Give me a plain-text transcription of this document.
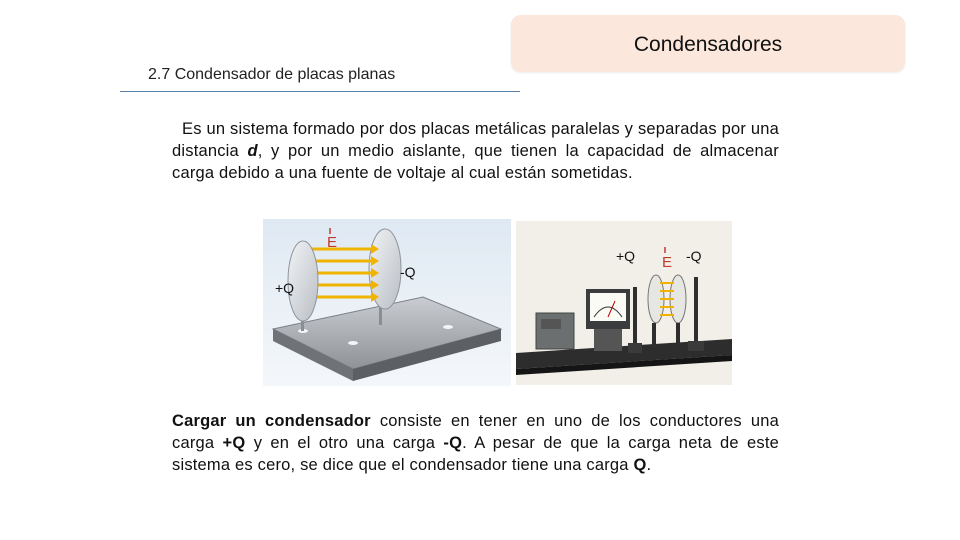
Condensadores
2.7 Condensador de placas planas

Es un sistema formado por dos placas metálicas paralelas y separadas por una distancia d, y por un medio aislante, que tienen la capacidad de almacenar carga debido a una fuente de voltaje al cual están sometidas.

E
+Q
-Q
+Q E -Q

Cargar un condensador consiste en tener en uno de los conductores una carga +Q y en el otro una carga -Q. A pesar de que la carga neta de este sistema es cero, se dice que el condensador tiene una carga Q.
